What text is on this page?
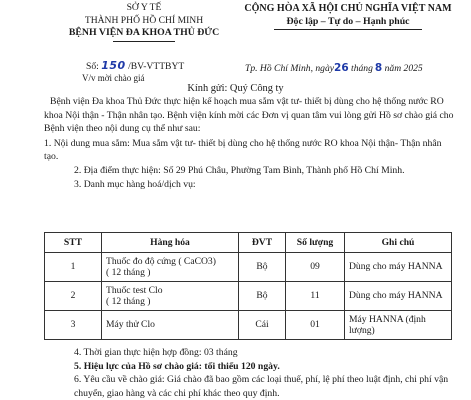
SỞ Y TẾ
THÀNH PHỐ HỒ CHÍ MINH
BỆNH VIỆN ĐA KHOA THỦ ĐỨC
CỘNG HÒA XÃ HỘI CHỦ NGHĨA VIỆT NAM
Độc lập – Tự do – Hạnh phúc
Số: 150 /BV-VTTBYT
V/v mời chào giá
Tp. Hồ Chí Minh, ngày26 tháng 8 năm 2025
Kính gửi: Quý Công ty

Bệnh viện Đa khoa Thủ Đức thực hiện kế hoạch mua sắm vật tư- thiết bị dùng cho hệ thống nước RO khoa Nội thận - Thận nhân tạo. Bệnh viện kính mời các Đơn vị quan tâm vui lòng gửi Hồ sơ chào giá cho Bệnh viện theo nội dung cụ thể như sau:

1. Nội dung mua sắm: Mua sắm vật tư- thiết bị dùng cho hệ thống nước RO khoa Nội thận- Thận nhân tạo.

2. Địa điểm thực hiện: Số 29 Phú Châu, Phường Tam Bình, Thành phố Hồ Chí Minh.

3. Danh mục hàng hoá/dịch vụ:

STT	Hàng hóa	ĐVT	Số lượng	Ghi chú
1	Thuốc đo độ cứng ( CaCO3)
( 12 tháng )	Bộ	09	Dùng cho máy HANNA
2	Thuốc test Clo
( 12 tháng )	Bộ	11	Dùng cho máy HANNA
3	Máy thử Clo	Cái	01	Máy HANNA (định
lượng)

4. Thời gian thực hiện hợp đồng: 03 tháng

5. Hiệu lực của Hồ sơ chào giá: tối thiểu 120 ngày.

6. Yêu cầu về chào giá: Giá chào đã bao gồm các loại thuế, phí, lệ phí theo luật định, chi phí vận chuyển, giao hàng và các chi phí khác theo quy định.
